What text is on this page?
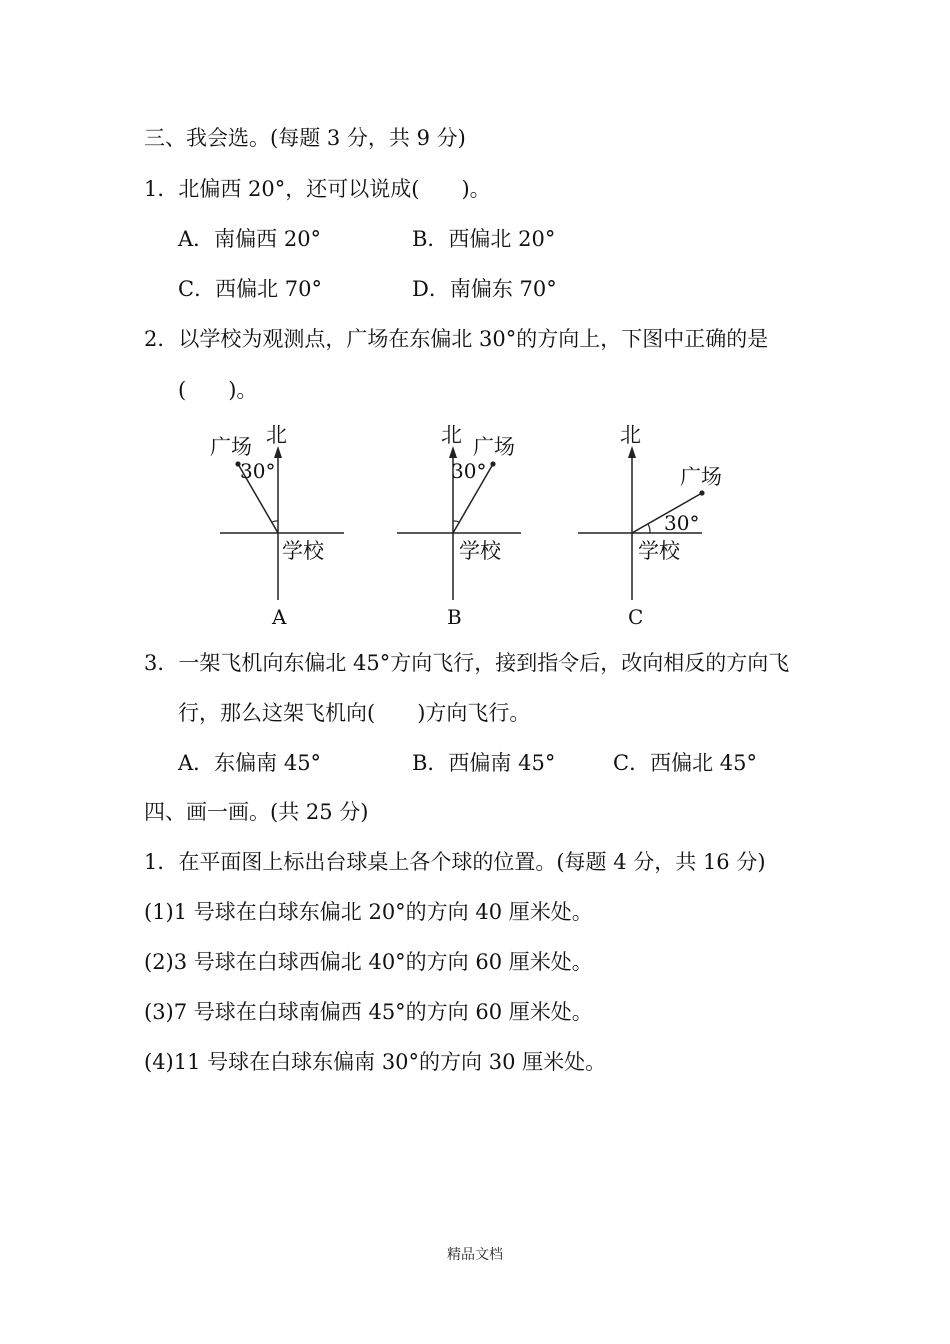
三、我会选。(每题 3 分，共 9 分)
1．北偏西 20°，还可以说成(　　)。
A．南偏西 20°	B．西偏北 20°
C．西偏北 70°	D．南偏东 70°
2．以学校为观测点，广场在东偏北 30°的方向上，下图中正确的是
(　　)。
北
广场
30°
学校
A
北 广场
30°
学校
B
北
广场
30°
学校
C
3．一架飞机向东偏北 45°方向飞行，接到指令后，改向相反的方向飞
行，那么这架飞机向(　　)方向飞行。
A．东偏南 45°	B．西偏南 45°	C．西偏北 45°
四、画一画。(共 25 分)
1．在平面图上标出台球桌上各个球的位置。(每题 4 分，共 16 分)
(1)1 号球在白球东偏北 20°的方向 40 厘米处。
(2)3 号球在白球西偏北 40°的方向 60 厘米处。
(3)7 号球在白球南偏西 45°的方向 60 厘米处。
(4)11 号球在白球东偏南 30°的方向 30 厘米处。
精品文档
